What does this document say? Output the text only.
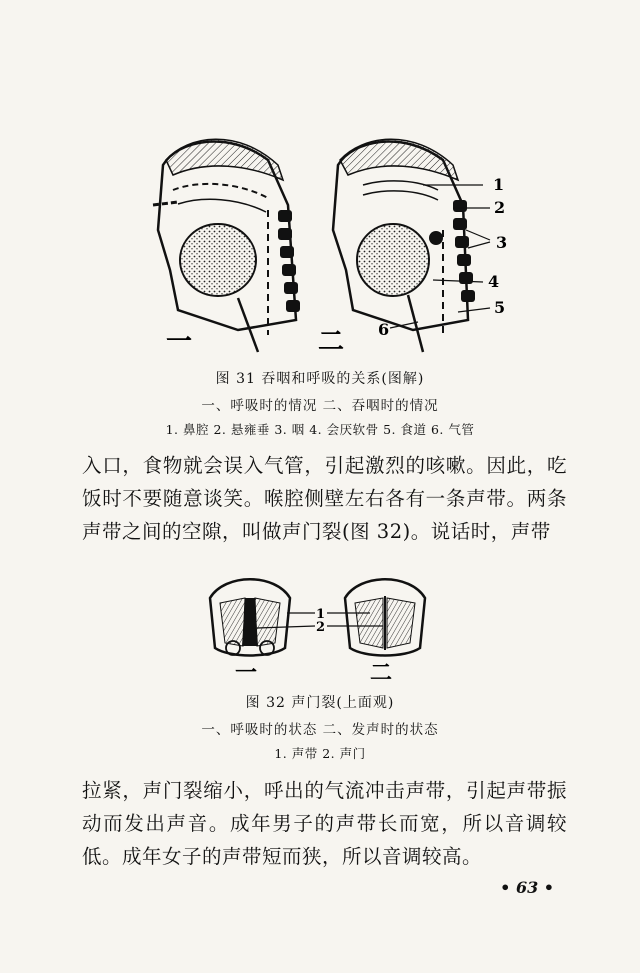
1
2
3
4
5
6
一	二
图 31 吞咽和呼吸的关系(图解)
一、呼吸时的情况 二、吞咽时的情况
1. 鼻腔 2. 悬雍垂 3. 咽 4. 会厌软骨 5. 食道 6. 气管
入口，食物就会误入气管，引起激烈的咳嗽。因此，吃饭时不要随意谈笑。喉腔侧壁左右各有一条声带。两条声带之间的空隙，叫做声门裂(图 32)。说话时，声带
1
2
一	二
图 32 声门裂(上面观)
一、呼吸时的状态 二、发声时的状态
1. 声带 2. 声门
拉紧，声门裂缩小，呼出的气流冲击声带，引起声带振动而发出声音。成年男子的声带长而宽，所以音调较低。成年女子的声带短而狭，所以音调较高。
• 63 •
